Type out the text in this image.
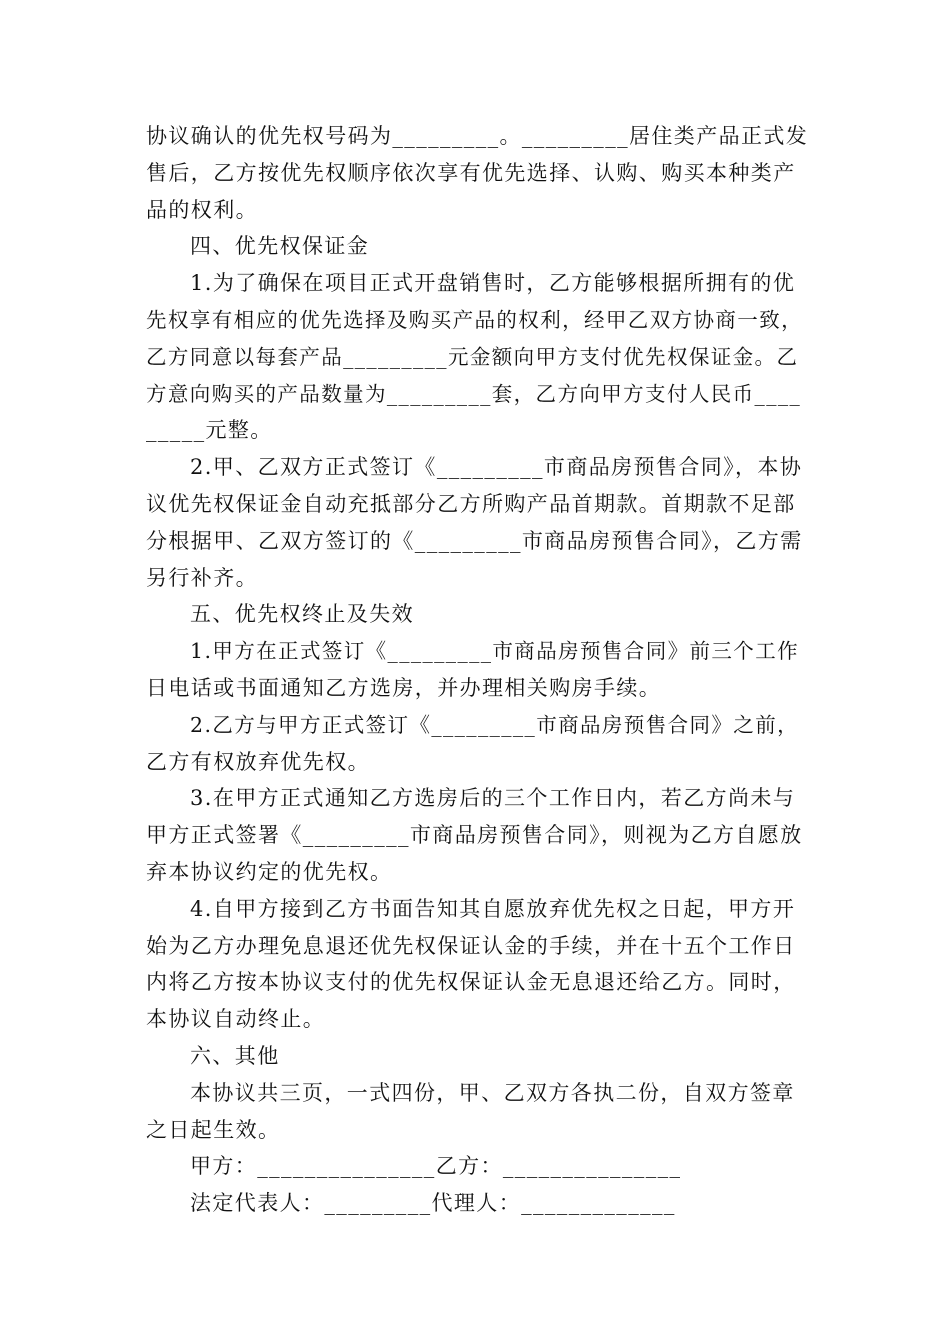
协议确认的优先权号码为_________。_________居住类产品正式发
售后，乙方按优先权顺序依次享有优先选择、认购、购买本种类产
品的权利。
四、优先权保证金
1.为了确保在项目正式开盘销售时，乙方能够根据所拥有的优
先权享有相应的优先选择及购买产品的权利，经甲乙双方协商一致，
乙方同意以每套产品_________元金额向甲方支付优先权保证金。乙
方意向购买的产品数量为_________套，乙方向甲方支付人民币____
_____元整。
2.甲、乙双方正式签订《_________市商品房预售合同》，本协
议优先权保证金自动充抵部分乙方所购产品首期款。首期款不足部
分根据甲、乙双方签订的《_________市商品房预售合同》，乙方需
另行补齐。
五、优先权终止及失效
1.甲方在正式签订《_________市商品房预售合同》前三个工作
日电话或书面通知乙方选房，并办理相关购房手续。
2.乙方与甲方正式签订《_________市商品房预售合同》之前，
乙方有权放弃优先权。
3.在甲方正式通知乙方选房后的三个工作日内，若乙方尚未与
甲方正式签署《_________市商品房预售合同》，则视为乙方自愿放
弃本协议约定的优先权。
4.自甲方接到乙方书面告知其自愿放弃优先权之日起，甲方开
始为乙方办理免息退还优先权保证认金的手续，并在十五个工作日
内将乙方按本协议支付的优先权保证认金无息退还给乙方。同时，
本协议自动终止。
六、其他
本协议共三页，一式四份，甲、乙双方各执二份，自双方签章
之日起生效。
甲方：_______________乙方：_______________
法定代表人：_________代理人：_____________
